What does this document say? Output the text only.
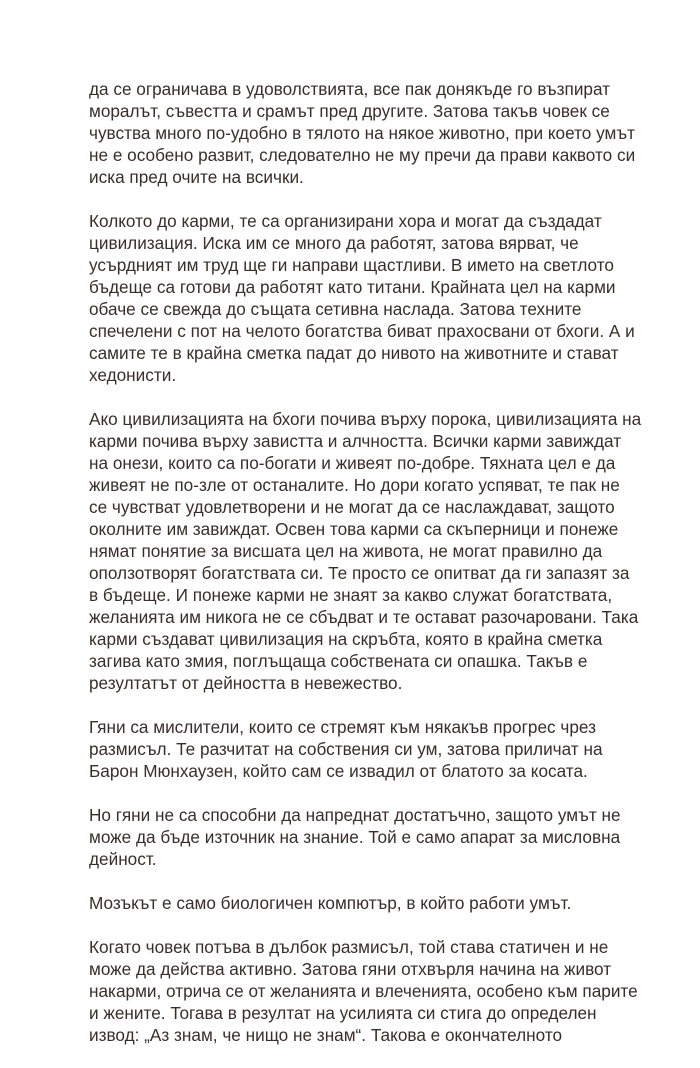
да се ограничава в удоволствията, все пак донякъде го възпират
моралът, съвестта и срамът пред другите. Затова такъв човек се
чувства много по-удобно в тялото на някое животно, при което умът
не е особено развит, следователно не му пречи да прави каквото си
иска пред очите на всички.

Колкото до карми, те са организирани хора и могат да създадат
цивилизация. Иска им се много да работят, затова вярват, че
усърдният им труд ще ги направи щастливи. В името на светлото
бъдеще са готови да работят като титани. Крайната цел на карми
обаче се свежда до същата сетивна наслада. Затова техните
спечелени с пот на челото богатства биват прахосвани от бхоги. А и
самите те в крайна сметка падат до нивото на животните и стават
хедонисти.

Ако цивилизацията на бхоги почива върху порока, цивилизацията на
карми почива върху завистта и алчността. Всички карми завиждат
на онези, които са по-богати и живеят по-добре. Тяхната цел е да
живеят не по-зле от останалите. Но дори когато успяват, те пак не
се чувстват удовлетворени и не могат да се наслаждават, защото
околните им завиждат. Освен това карми са скъперници и понеже
нямат понятие за висшата цел на живота, не могат правилно да
оползотворят богатствата си. Те просто се опитват да ги запазят за
в бъдеще. И понеже карми не знаят за какво служат богатствата,
желанията им никога не се сбъдват и те остават разочаровани. Така
карми създават цивилизация на скръбта, която в крайна сметка
загива като змия, поглъщаща собствената си опашка. Такъв е
резултатът от дейността в невежество.

Гяни са мислители, които се стремят към някакъв прогрес чрез
размисъл. Те разчитат на собствения си ум, затова приличат на
Барон Мюнхаузен, който сам се извадил от блатото за косата.

Но гяни не са способни да напреднат достатъчно, защото умът не
може да бъде източник на знание. Той е само апарат за мисловна
дейност.

Мозъкът е само биологичен компютър, в който работи умът.

Когато човек потъва в дълбок размисъл, той става статичен и не
може да действа активно. Затова гяни отхвърля начина на живот
накарми, отрича се от желанията и влеченията, особено към парите
и жените. Тогава в резултат на усилията си стига до определен
извод: „Аз знам, че нищо не знам“. Такова е окончателното
